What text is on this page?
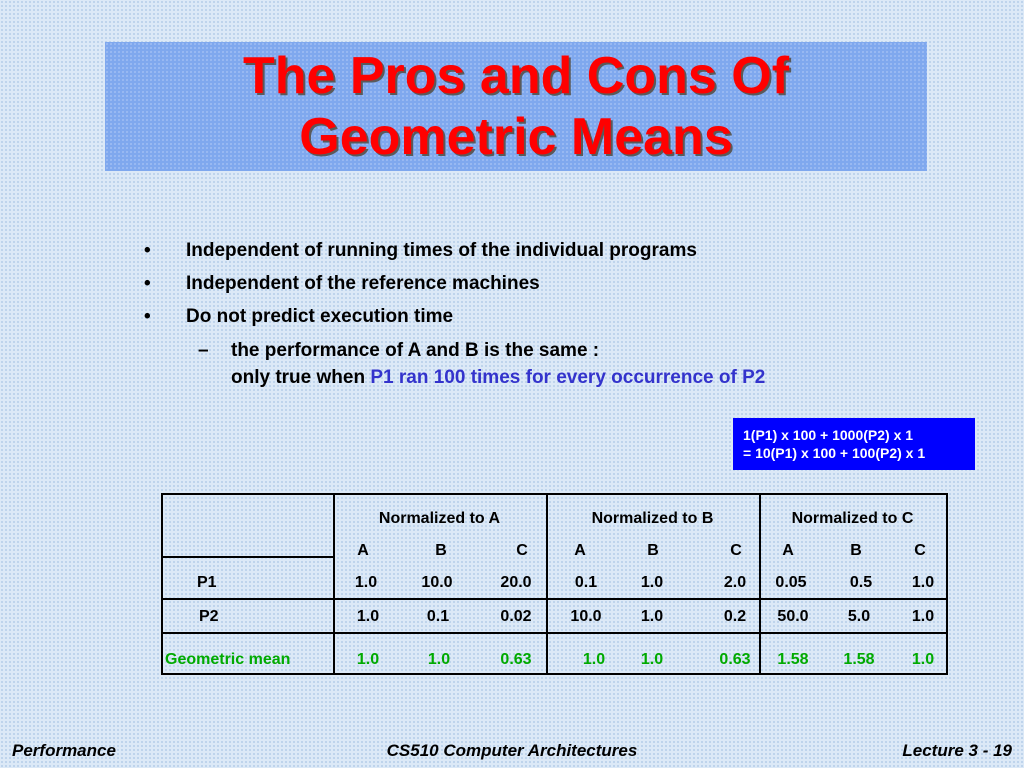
The Pros and Cons Of
Geometric Means
• Independent of running times of the individual programs
• Independent of the reference machines
• Do not predict execution time
– the performance of A and B is the same :
only true when P1 ran 100 times for every occurrence of P2
1(P1) x 100 + 1000(P2) x 1
= 10(P1) x 100 + 100(P2) x 1
Normalized to A	Normalized to B	Normalized to C
A	B	C	A	B	C	A	B	C
P1	1.0	10.0	20.0	0.1	1.0	2.0	0.05	0.5	1.0
P2	1.0	0.1	0.02	10.0	1.0	0.2	50.0	5.0	1.0
Geometric mean	1.0	1.0	0.63	1.0	1.0	0.63	1.58	1.58	1.0
Performance	CS510 Computer Architectures	Lecture 3 - 19
